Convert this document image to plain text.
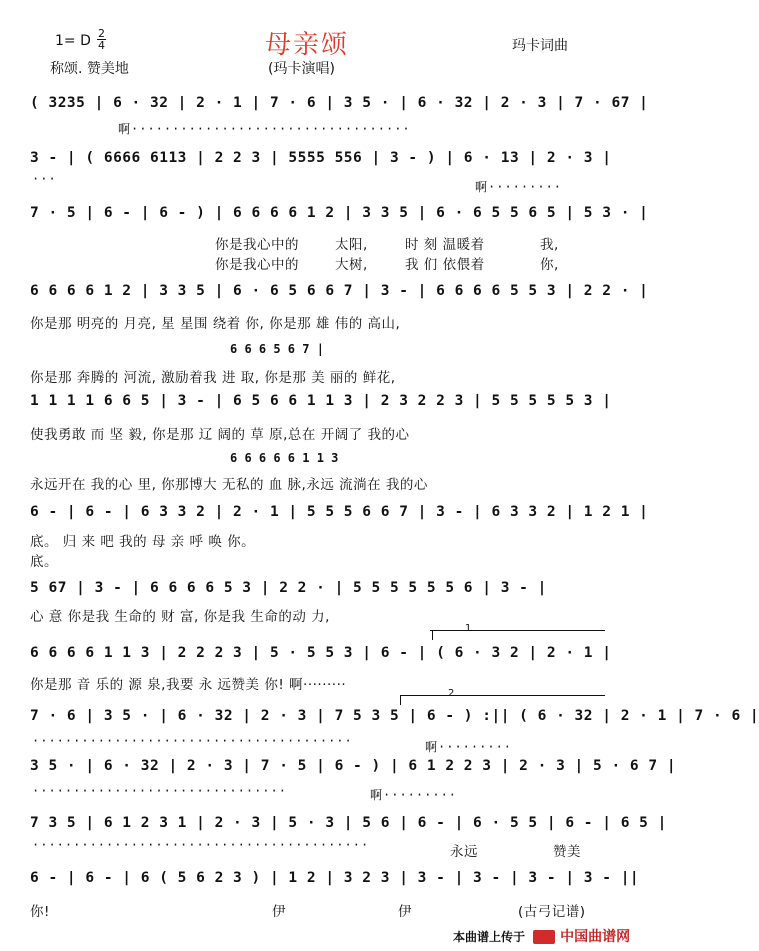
1= D 2
4	母亲颂	玛卡词曲
称颂. 赞美地	(玛卡演唱)
( 3235 | 6 · 32 | 2 · 1 | 7 · 6 | 3 5 · | 6 · 32 | 2 · 3 | 7 · 67 |
啊··································
3 - | ( 6666 6113 | 2 2 3 | 5555 556 | 3 - ) | 6 · 13 | 2 · 3 |
···
啊·········
7 · 5 | 6 - | 6 - ) | 6 6 6 6 1 2 | 3 3 5 | 6 · 6 5 5 6 5 | 5 3 · |
你是我心中的	太阳,	时 刻 温暖着	我,
你是我心中的	大树,	我 们 依偎着	你,
6 6 6 6 1 2 | 3 3 5 | 6 · 6 5 6 6 7 | 3 - | 6 6 6 6 5 5 3 | 2 2 · |
你是那 明亮的 月亮, 星 星围 绕着 你, 你是那 雄 伟的 高山,
6 6 6 5 6 7 |
你是那 奔腾的 河流, 激励着我 进 取, 你是那 美 丽的 鲜花,
1 1 1 1 6 6 5 | 3 - | 6 5 6 6 1 1 3 | 2 3 2 2 3 | 5 5 5 5 5 3 |
使我勇敢 而 坚 毅, 你是那 辽 阔的 草 原,总在 开阔了 我的心
6 6 6 6 6 1 1 3
永远开在 我的心 里, 你那博大 无私的 血 脉,永远 流淌在 我的心
6 - | 6 - | 6 3 3 2 | 2 · 1 | 5 5 5 6 6 7 | 3 - | 6 3 3 2 | 1 2 1 |
底。 归 来 吧 我的 母 亲 呼 唤 你。
底。
5 67 | 3 - | 6 6 6 6 5 3 | 2 2 · | 5 5 5 5 5 5 6 | 3 - |
心 意 你是我 生命的 财 富, 你是我 生命的动 力,
1
6 6 6 6 1 1 3 | 2 2 2 3 | 5 · 5 5 3 | 6 - | ( 6 · 3 2 | 2 · 1 |
你是那 音 乐的 源 泉,我要 永 远赞美 你! 啊·········
2
7 · 6 | 3 5 · | 6 · 32 | 2 · 3 | 7 5 3 5 | 6 - ) :|| ( 6 · 32 | 2 · 1 | 7 · 6 |
·······································	啊·········
3 5 · | 6 · 32 | 2 · 3 | 7 · 5 | 6 - ) | 6 1 2 2 3 | 2 · 3 | 5 · 6 7 |
·······························	啊·········
7 3 5 | 6 1 2 3 1 | 2 · 3 | 5 · 3 | 5 6 | 6 - | 6 · 5 5 | 6 - | 6 5 |
·········································	永远	赞美
6 - | 6 - | 6 ( 5 6 2 3 ) | 1 2 | 3 2 3 | 3 - | 3 - | 3 - | 3 - ||
你!	伊	伊	(古弓记谱)
本曲谱上传于	中国曲谱网
